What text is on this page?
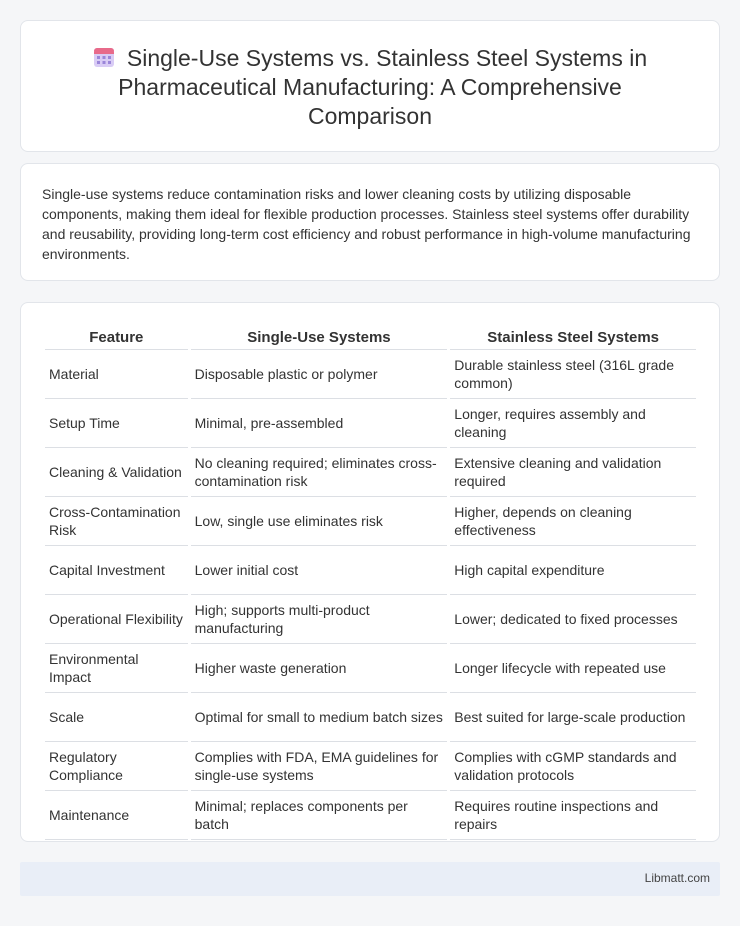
Single-Use Systems vs. Stainless Steel Systems in Pharmaceutical Manufacturing: A Comprehensive Comparison

Single-use systems reduce contamination risks and lower cleaning costs by utilizing disposable components, making them ideal for flexible production processes. Stainless steel systems offer durability and reusability, providing long-term cost efficiency and robust performance in high-volume manufacturing environments.

Feature	Single-Use Systems	Stainless Steel Systems
Material	Disposable plastic or polymer	Durable stainless steel (316L grade common)
Setup Time	Minimal, pre-assembled	Longer, requires assembly and cleaning
Cleaning & Validation	No cleaning required; eliminates cross-contamination risk	Extensive cleaning and validation required
Cross-Contamination Risk	Low, single use eliminates risk	Higher, depends on cleaning effectiveness
Capital Investment	Lower initial cost	High capital expenditure
Operational Flexibility	High; supports multi-product manufacturing	Lower; dedicated to fixed processes
Environmental Impact	Higher waste generation	Longer lifecycle with repeated use
Scale	Optimal for small to medium batch sizes	Best suited for large-scale production
Regulatory Compliance	Complies with FDA, EMA guidelines for single-use systems	Complies with cGMP standards and validation protocols
Maintenance	Minimal; replaces components per batch	Requires routine inspections and repairs
Libmatt.com
